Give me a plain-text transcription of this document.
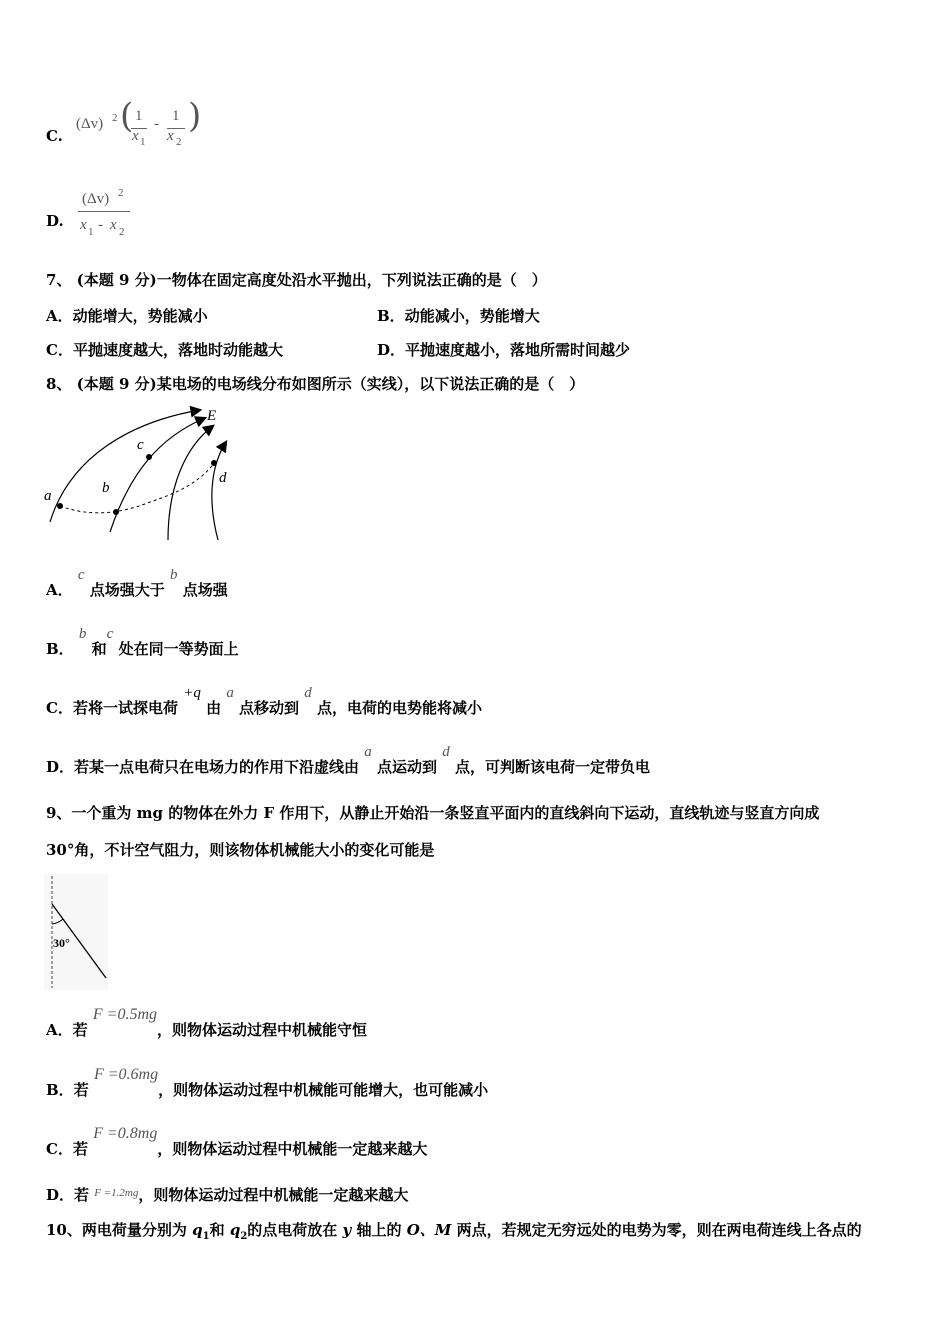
C.
(Δv) 2 ( 1
x 1
- 1
x 2
)
D.
(Δv) 2
x 1 - x 2
7、 (本题 9 分)一物体在固定高度处沿水平抛出，下列说法正确的是（　）
A．动能增大，势能减小	B．动能减小，势能增大
C．平抛速度越大，落地时动能越大	D．平抛速度越小，落地所需时间越少
8、 (本题 9 分)某电场的电场线分布如图所示（实线），以下说法正确的是（　）
E
a	b
c
d
A． c 点场强大于 b 点场强
B． b 和c 处在同一等势面上
C．若将一试探电荷 +q 由 a 点移动到 d 点，电荷的电势能将减小
D．若某一点电荷只在电场力的作用下沿虚线由 a 点运动到 d 点，可判断该电荷一定带负电
9、一个重为 mg 的物体在外力 F 作用下，从静止开始沿一条竖直平面内的直线斜向下运动，直线轨迹与竖直方向成
30°角，不计空气阻力，则该物体机械能大小的变化可能是
30°
A．若 F =0.5mg，则物体运动过程中机械能守恒
B．若 F =0.6mg，则物体运动过程中机械能可能增大，也可能减小
C．若 F =0.8mg，则物体运动过程中机械能一定越来越大
D．若 $^{F =1.2mg}$，则物体运动过程中机械能一定越来越大
10、两电荷量分别为 $q_1$和 $q_2$的点电荷放在 y 轴上的 O、M 两点，若规定无穷远处的电势为零，则在两电荷连线上各点的
